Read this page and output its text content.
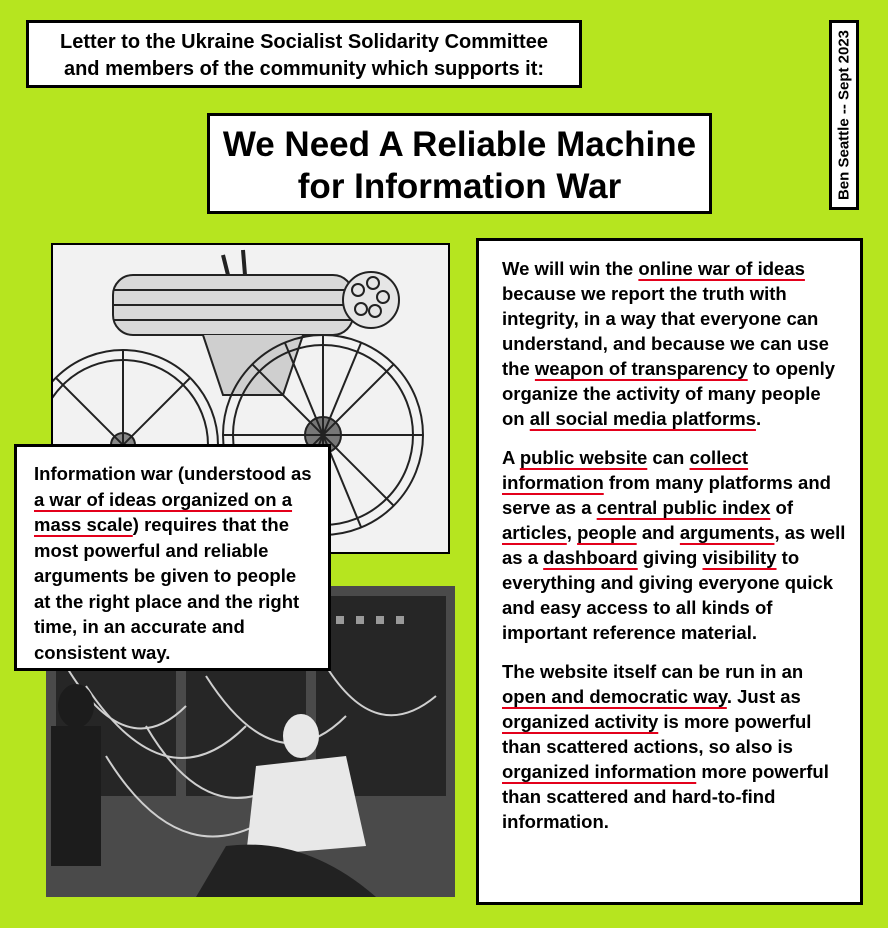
Letter to the Ukraine Socialist Solidarity Committee
and members of the community which supports it:
We Need A Reliable Machine
for Information War	Ben Seattle -- Sept 2023
Information war (understood as a war of ideas organized on a mass scale) requires that the most powerful and reliable arguments be given to people at the right place and the right time, in an accurate and consistent way.

We will win the online war of ideas because we report the truth with integrity, in a way that everyone can understand, and because we can use the weapon of transparency to openly organize the activity of many people on all social media platforms.

A public website can collect information from many platforms and serve as a central public index of articles, people and arguments, as well as a dashboard giving visibility to everything and giving everyone quick and easy access to all kinds of important reference material.

The website itself can be run in an open and democratic way. Just as organized activity is more powerful than scattered actions, so also is organized information more powerful than scattered and hard-to-find information.
